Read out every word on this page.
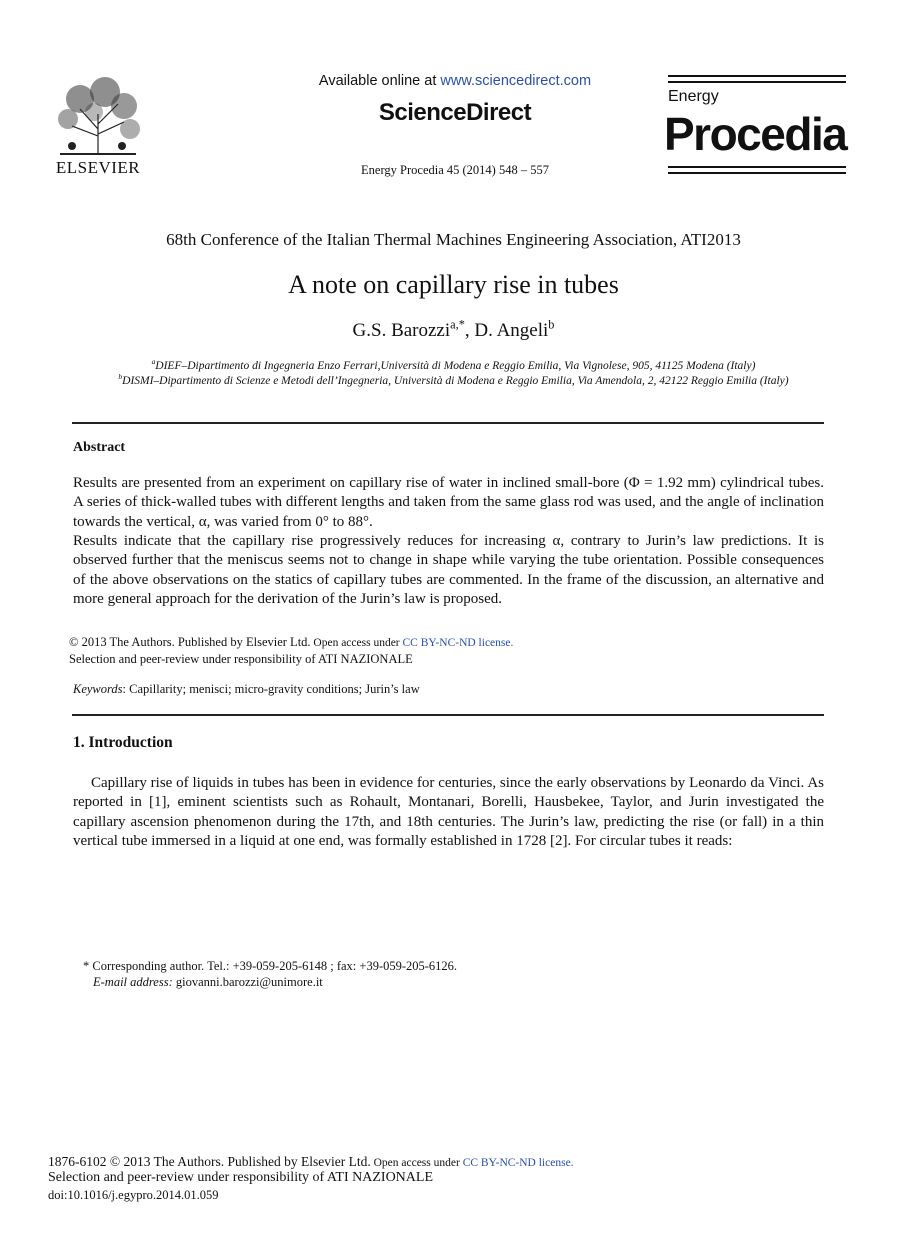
ELSEVIER
Available online at www.sciencedirect.com
ScienceDirect
Energy Procedia 45 (2014) 548 – 557
Energy
Procedia
68th Conference of the Italian Thermal Machines Engineering Association, ATI2013
A note on capillary rise in tubes
G.S. Barozzi$^{a,*}$, D. Angeli$^b$
$^a$DIEF–Dipartimento di Ingegneria Enzo Ferrari,Università di Modena e Reggio Emilia, Via Vignolese, 905, 41125 Modena (Italy)
$^b$DISMI–Dipartimento di Scienze e Metodi dell’Ingegneria, Università di Modena e Reggio Emilia, Via Amendola, 2, 42122 Reggio Emilia (Italy)
Abstract
Results are presented from an experiment on capillary rise of water in inclined small-bore (Φ = 1.92 mm) cylindrical tubes. A series of thick-walled tubes with different lengths and taken from the same glass rod was used, and the angle of inclination towards the vertical, α, was varied from 0° to 88°.
Results indicate that the capillary rise progressively reduces for increasing α, contrary to Jurin’s law predictions. It is observed further that the meniscus seems not to change in shape while varying the tube orientation. Possible consequences of the above observations on the statics of capillary tubes are commented. In the frame of the discussion, an alternative and more general approach for the derivation of the Jurin’s law is proposed.
© 2013 The Authors. Published by Elsevier Ltd. Open access under CC BY-NC-ND license.
Selection and peer-review under responsibility of ATI NAZIONALE
Keywords: Capillarity; menisci; micro-gravity conditions; Jurin’s law
1. Introduction
Capillary rise of liquids in tubes has been in evidence for centuries, since the early observations by Leonardo da Vinci. As reported in [1], eminent scientists such as Rohault, Montanari, Borelli, Hausbekee, Taylor, and Jurin investigated the capillary ascension phenomenon during the 17th, and 18th centuries. The Jurin’s law, predicting the rise (or fall) in a thin vertical tube immersed in a liquid at one end, was formally established in 1728 [2]. For circular tubes it reads:
* Corresponding author. Tel.: +39-059-205-6148 ; fax: +39-059-205-6126.
E-mail address: giovanni.barozzi@unimore.it
1876-6102 © 2013 The Authors. Published by Elsevier Ltd. Open access under CC BY-NC-ND license.
Selection and peer-review under responsibility of ATI NAZIONALE
doi:10.1016/j.egypro.2014.01.059
